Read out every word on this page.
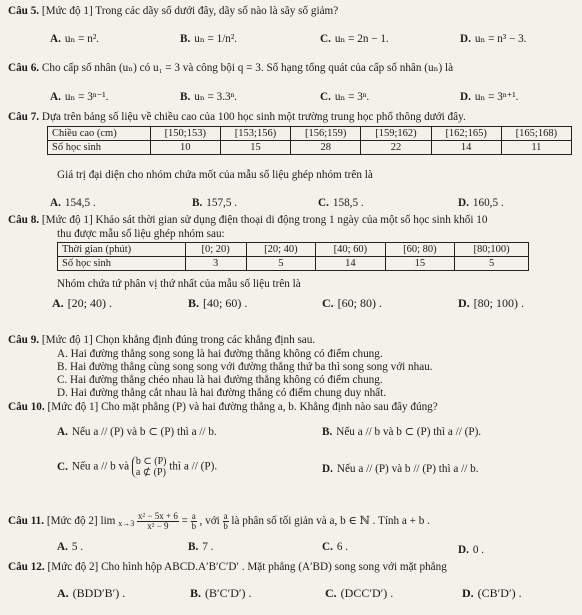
Câu 5. [Mức độ 1] Trong các dãy số dưới đây, dãy số nào là sãy số giảm?
A. uₙ = n².	B. uₙ = 1/n².	C. uₙ = 2n − 1.	D. uₙ = n³ − 3.
Câu 6. Cho cấp số nhân (uₙ) có u₁ = 3 và công bội q = 3. Số hạng tổng quát của cấp số nhân (uₙ) là
A. uₙ = 3ⁿ⁻¹.	B. uₙ = 3.3ⁿ.	C. uₙ = 3ⁿ.	D. uₙ = 3ⁿ⁺¹.
Câu 7. Dựa trên bảng số liệu về chiều cao của 100 học sinh một trường trung học phổ thông dưới đây.
Chiều cao (cm)	[150;153)	[153;156)	[156;159)	[159;162)	[162;165)	[165;168)
Số học sinh	10	15	28	22	14	11
Giá trị đại diện cho nhóm chứa mốt của mẫu số liệu ghép nhóm trên là
A. 154,5 .	B. 157,5 .	C. 158,5 .	D. 160,5 .
Câu 8. [Mức độ 1] Khảo sát thời gian sử dụng điện thoại di động trong 1 ngày của một số học sinh khối 10
thu được mẫu số liệu ghép nhóm sau:
Thời gian (phút)	[0; 20)	[20; 40)	[40; 60)	[60; 80)	[80;100)
Số học sinh	3	5	14	15	5
Nhóm chứa tứ phân vị thứ nhất của mẫu số liệu trên là
A. [20; 40) .	B. [40; 60) .	C. [60; 80) .	D. [80; 100) .
Câu 9. [Mức độ 1] Chọn khẳng định đúng trong các khẳng định sau.
A. Hai đường thẳng song song là hai đường thẳng không có điểm chung.
B. Hai đường thẳng cùng song song với đường thẳng thứ ba thì song song với nhau.
C. Hai đường thẳng chéo nhau là hai đường thẳng không có điểm chung.
D. Hai đường thẳng cắt nhau là hai đường thẳng có điểm chung duy nhất.
Câu 10. [Mức độ 1] Cho mặt phẳng (P) và hai đường thẳng a, b. Khẳng định nào sau đây đúng?
A. Nếu a // (P) và b ⊂ (P) thì a // b.	B. Nếu a // b và b ⊂ (P) thì a // (P).
C. Nếu a // b và b ⊂ (P)
a ⊄ (P) thì a // (P).	D. Nếu a // (P) và b // (P) thì a // b.
Câu 11. [Mức độ 2] $\lim _{x\to 3} \frac{\text{x² − 5x + 6}}{\text{x² − 9}} = \frac{a}{b}$ , với $\frac{a}{b}$ là phân số tối giản và a, b ∈ ℕ . Tính a + b .
A. 5 .	B. 7 .	C. 6 .	D. 0 .
Câu 12. [Mức độ 2] Cho hình hộp ABCD.A′B′C′D′ . Mặt phẳng (A′BD) song song với mặt phẳng
A. (BDD′B′) .	B. (B′C′D′) .	C. (DCC′D′) .	D. (CB′D′) .
